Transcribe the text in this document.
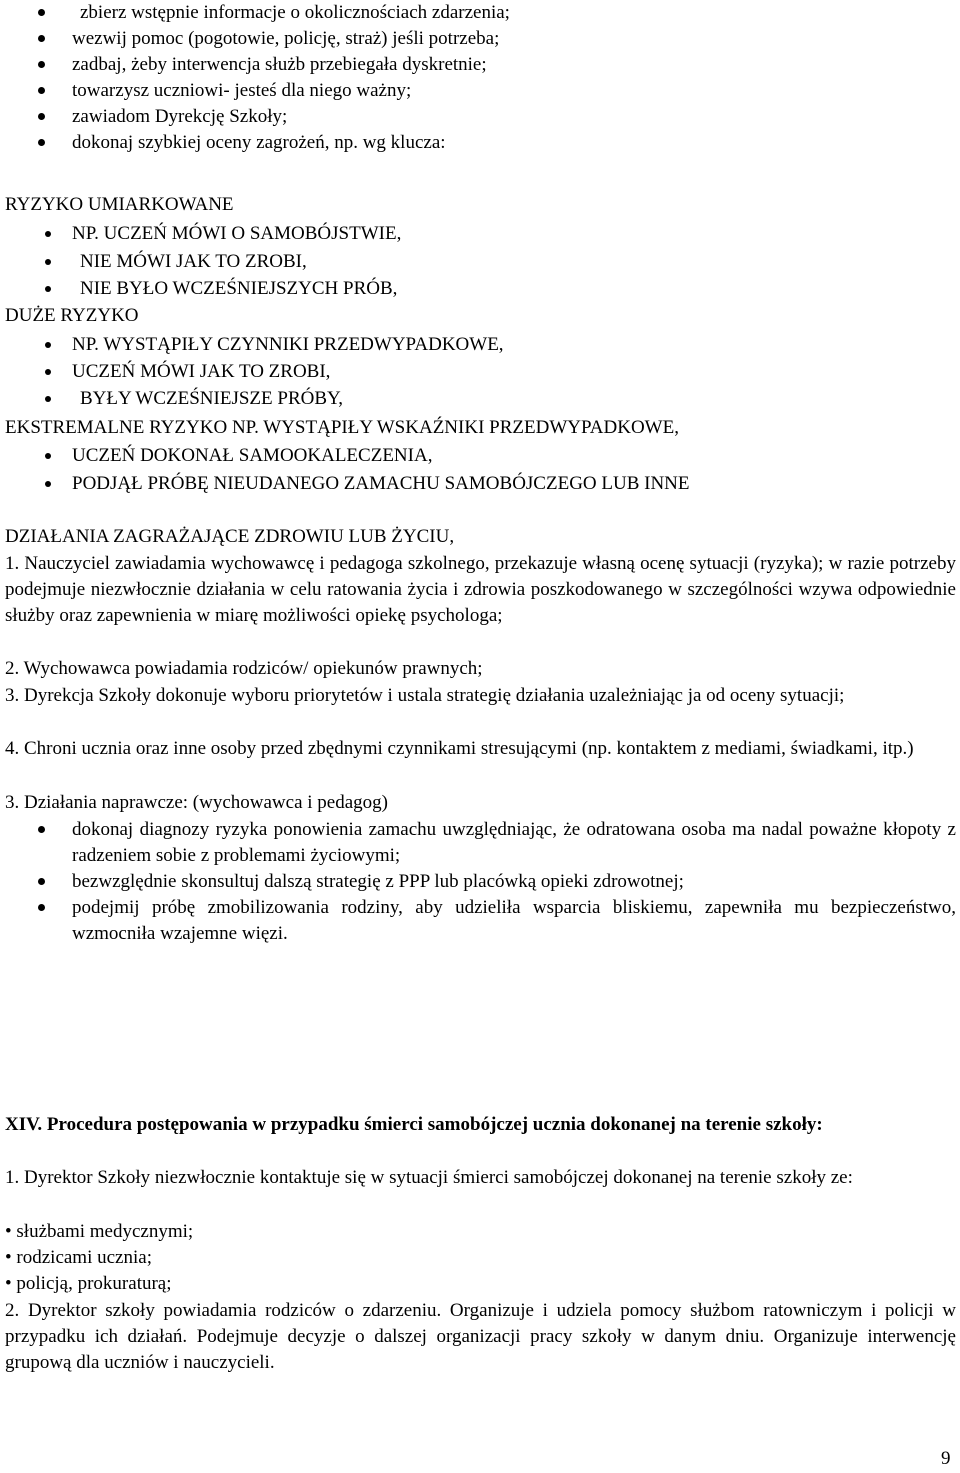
zbierz wstępnie informacje o okolicznościach zdarzenia;
wezwij pomoc (pogotowie, policję, straż) jeśli potrzeba;
zadbaj, żeby interwencja służb przebiegała dyskretnie;
towarzysz uczniowi- jesteś dla niego ważny;
zawiadom Dyrekcję Szkoły;
dokonaj szybkiej oceny zagrożeń, np. wg klucza:
RYZYKO UMIARKOWANE
NP. UCZEŃ MÓWI O SAMOBÓJSTWIE,
NIE MÓWI JAK TO ZROBI,
NIE BYŁO WCZEŚNIEJSZYCH PRÓB,
DUŻE RYZYKO
NP. WYSTĄPIŁY CZYNNIKI PRZEDWYPADKOWE,
UCZEŃ MÓWI JAK TO ZROBI,
BYŁY WCZEŚNIEJSZE PRÓBY,
EKSTREMALNE RYZYKO NP. WYSTĄPIŁY WSKAŹNIKI PRZEDWYPADKOWE,
UCZEŃ DOKONAŁ SAMOOKALECZENIA,
PODJĄŁ PRÓBĘ NIEUDANEGO ZAMACHU SAMOBÓJCZEGO LUB INNE
DZIAŁANIA ZAGRAŻAJĄCE ZDROWIU LUB ŻYCIU,
1. Nauczyciel zawiadamia wychowawcę i pedagoga szkolnego, przekazuje własną ocenę sytuacji (ryzyka); w razie potrzeby podejmuje niezwłocznie działania w celu ratowania życia i zdrowia poszkodowanego w szczególności wzywa odpowiednie służby oraz zapewnienia w miarę możliwości opiekę psychologa;
2. Wychowawca powiadamia rodziców/ opiekunów prawnych;
3. Dyrekcja Szkoły dokonuje wyboru priorytetów i ustala strategię działania uzależniając ja od oceny sytuacji;
4. Chroni ucznia oraz inne osoby przed zbędnymi czynnikami stresującymi (np. kontaktem z mediami, świadkami, itp.)
3. Działania naprawcze: (wychowawca i pedagog)
dokonaj diagnozy ryzyka ponowienia zamachu uwzględniając, że odratowana osoba ma nadal poważne kłopoty z radzeniem sobie z problemami życiowymi;
bezwzględnie skonsultuj dalszą strategię z PPP lub placówką opieki zdrowotnej;
podejmij próbę zmobilizowania rodziny, aby udzieliła wsparcia bliskiemu, zapewniła mu bezpieczeństwo, wzmocniła wzajemne więzi.
XIV. Procedura postępowania w przypadku śmierci samobójczej ucznia dokonanej na terenie szkoły:
1. Dyrektor Szkoły niezwłocznie kontaktuje się w sytuacji śmierci samobójczej dokonanej na terenie szkoły ze:
• służbami medycznymi;
• rodzicami ucznia;
• policją, prokuraturą;
2. Dyrektor szkoły powiadamia rodziców o zdarzeniu. Organizuje i udziela pomocy służbom ratowniczym i policji w przypadku ich działań. Podejmuje decyzje o dalszej organizacji pracy szkoły w danym dniu. Organizuje interwencję grupową dla uczniów i nauczycieli.
9
